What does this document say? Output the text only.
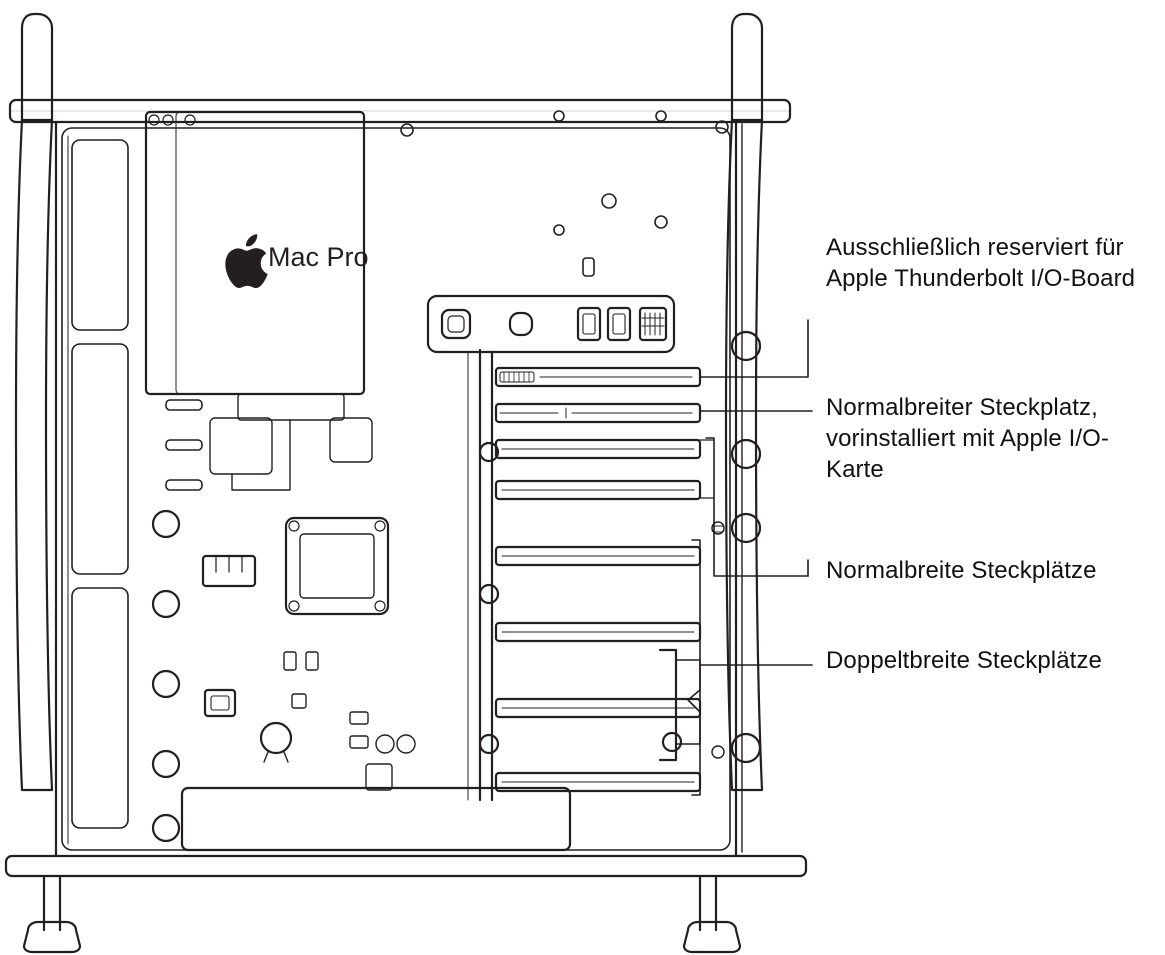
Mac Pro	Ausschließlich reserviert für Apple Thunderbolt I/O-Board
Normalbreiter Steckplatz, vorinstalliert mit Apple I/O-Karte
Normalbreite Steckplätze
Doppeltbreite Steckplätze
